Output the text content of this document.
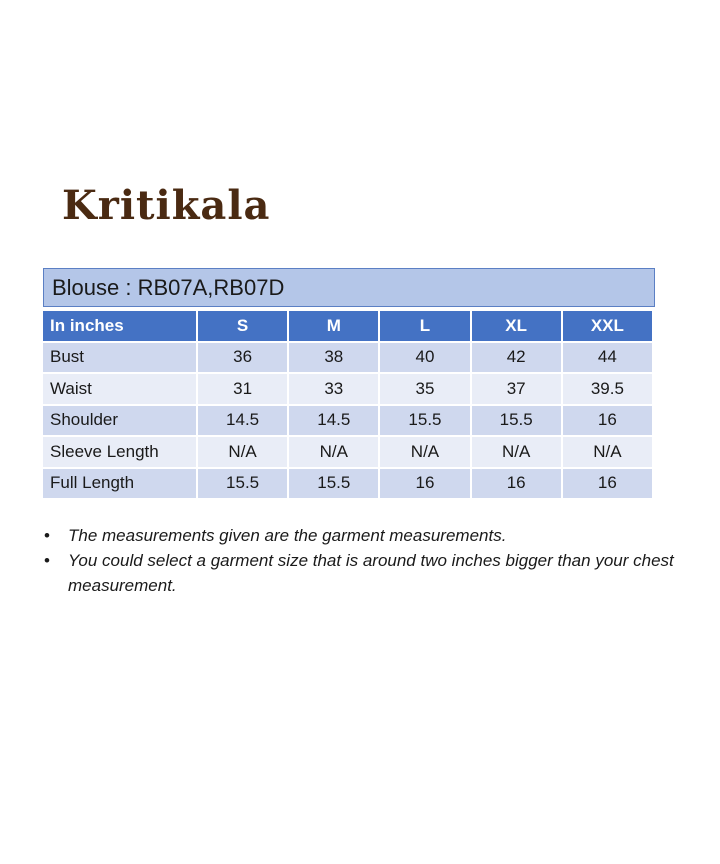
Kritikala
Blouse : RB07A,RB07D
In inches	S	M	L	XL	XXL
Bust	36	38	40	42	44
Waist	31	33	35	37	39.5
Shoulder	14.5	14.5	15.5	15.5	16
Sleeve Length	N/A	N/A	N/A	N/A	N/A
Full Length	15.5	15.5	16	16	16
• The measurements given are the garment measurements.
• You could select a garment size that is around two inches bigger than your chest measurement.
